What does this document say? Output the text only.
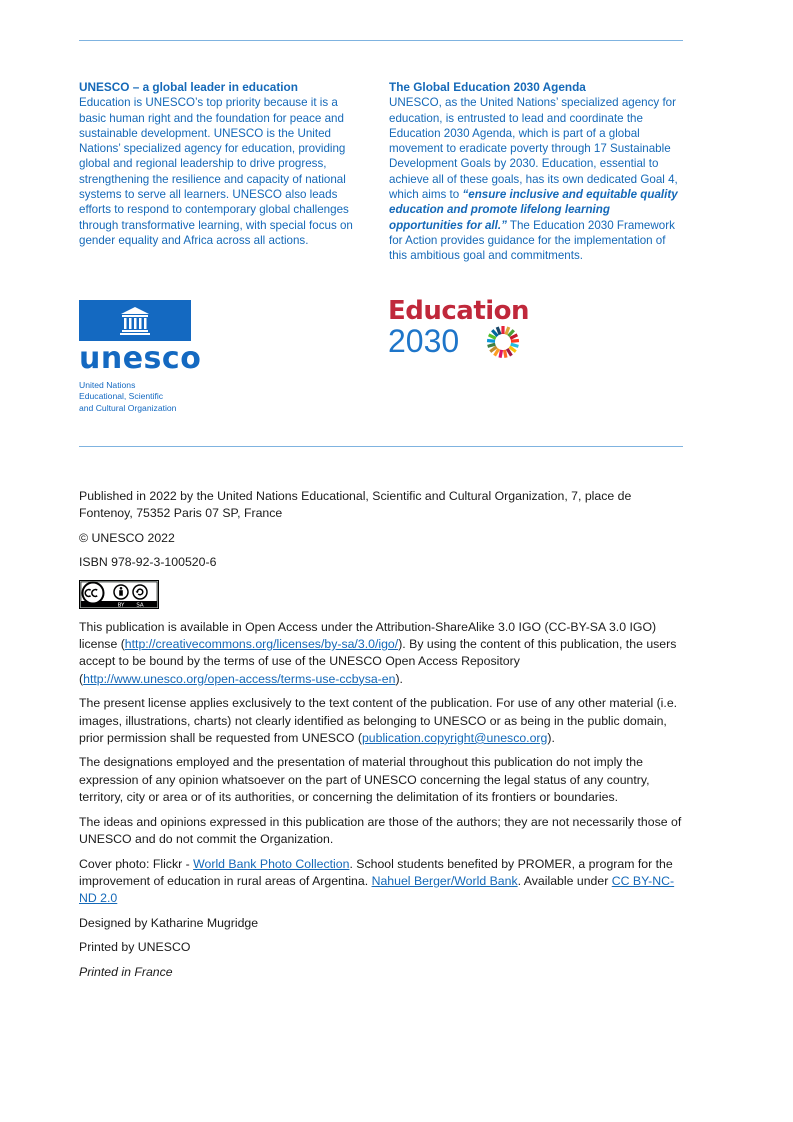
UNESCO – a global leader in education

Education is UNESCO’s top priority because it is a basic human right and the foundation for peace and sustainable development. UNESCO is the United Nations’ specialized agency for education, providing global and regional leadership to drive progress, strengthening the resilience and capacity of national systems to serve all learners. UNESCO also leads efforts to respond to contemporary global challenges through transformative learning, with special focus on gender equality and Africa across all actions.

The Global Education 2030 Agenda

UNESCO, as the United Nations’ specialized agency for education, is entrusted to lead and coordinate the Education 2030 Agenda, which is part of a global movement to eradicate poverty through 17 Sustainable Development Goals by 2030. Education, essential to achieve all of these goals, has its own dedicated Goal 4, which aims to “ensure inclusive and equitable quality education and promote lifelong learning opportunities for all.” The Education 2030 Framework for Action provides guidance for the implementation of this ambitious goal and commitments.

unesco
United Nations
Educational, Scientific
and Cultural Organization
Education
2030

Published in 2022 by the United Nations Educational, Scientific and Cultural Organization, 7, place de Fontenoy, 75352 Paris 07 SP, France

© UNESCO 2022

ISBN 978-92-3-100520-6

BY SA

This publication is available in Open Access under the Attribution-ShareAlike 3.0 IGO (CC-BY-SA 3.0 IGO) license (http://creativecommons.org/licenses/by-sa/3.0/igo/). By using the content of this publication, the users accept to be bound by the terms of use of the UNESCO Open Access Repository (http://www.unesco.org/open-access/terms-use-ccbysa-en).

The present license applies exclusively to the text content of the publication. For use of any other material (i.e. images, illustrations, charts) not clearly identified as belonging to UNESCO or as being in the public domain, prior permission shall be requested from UNESCO (publication.copyright@unesco.org).

The designations employed and the presentation of material throughout this publication do not imply the expression of any opinion whatsoever on the part of UNESCO concerning the legal status of any country, territory, city or area or of its authorities, or concerning the delimitation of its frontiers or boundaries.

The ideas and opinions expressed in this publication are those of the authors; they are not necessarily those of UNESCO and do not commit the Organization.

Cover photo: Flickr - World Bank Photo Collection. School students benefited by PROMER, a program for the improvement of education in rural areas of Argentina. Nahuel Berger/World Bank. Available under CC BY-NC-ND 2.0

Designed by Katharine Mugridge

Printed by UNESCO

Printed in France
